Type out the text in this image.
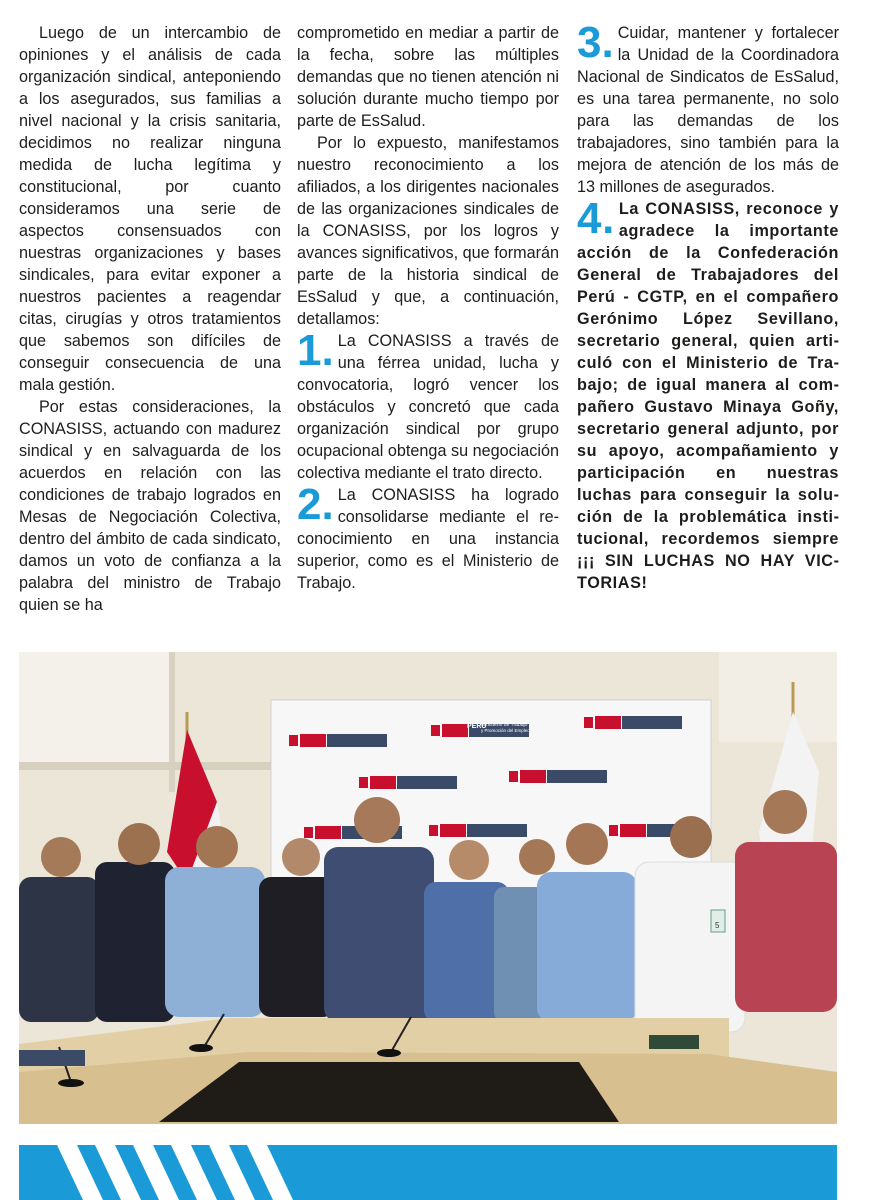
Luego de un intercambio de opiniones y el análisis de cada organización sindical, anteponiendo a los asegurados, sus familias a nivel nacional y la crisis sanitaria, decidimos no realizar ninguna medida de lucha legítima y constitucional, por cuanto consideramos una serie de aspectos consensuados con nuestras organizaciones y bases sindicales, para evitar exponer a nuestros pacientes a reagendar citas, cirugías y otros tratamientos que sabemos son difíciles de conseguir consecuencia de una mala gestión.

Por estas consideraciones, la CONASISS, actuando con madurez sindical y en salvaguarda de los acuerdos en relación con las condiciones de trabajo logrados en Mesas de Negociación Colectiva, dentro del ámbito de cada sindicato, damos un voto de confianza a la palabra del ministro de Trabajo quien se ha

comprometido en mediar a partir de la fecha, sobre las múltiples demandas que no tienen atención ni solución durante mucho tiempo por parte de EsSalud.

Por lo expuesto, manifestamos nuestro reconocimiento a los afiliados, a los dirigentes nacionales de las organizaciones sindicales de la CONASISS, por los logros y avances significativos, que formarán parte de la historia sindical de EsSalud y que, a continuación, detallamos:

1. La CONASISS a través de una férrea unidad, lucha y convocatoria, logró vencer los obstáculos y concretó que cada organización sindical por grupo ocupacional obtenga su negociación colectiva mediante el trato directo.

2. La CONASISS ha logrado consolidarse mediante el reconocimiento en una instancia superior, como es el Ministerio de Trabajo.

3. Cuidar, mantener y fortalecer la Unidad de la Coordinadora Nacional de Sindicatos de EsSalud, es una tarea permanente, no solo para las demandas de los trabajadores, sino también para la mejora de atención de los más de 13 millones de asegurados.

4. La CONASISS, reconoce y agradece la importante acción de la Confederación General de Trabajadores del Perú - CGTP, en el compañero Gerónimo López Sevillano, secretario general, quien articuló con el Ministerio de Trabajo; de igual manera al compañero Gustavo Minaya Goñy, secretario general adjunto, por su apoyo, acompañamiento y participación en nuestras luchas para conseguir la solución de la problemática institucional, recordemos siempre ¡¡¡ SIN LUCHAS NO HAY VICTORIAS!

PERÚ
Ministerio de Trabajo
y Promoción del Empleo
5
